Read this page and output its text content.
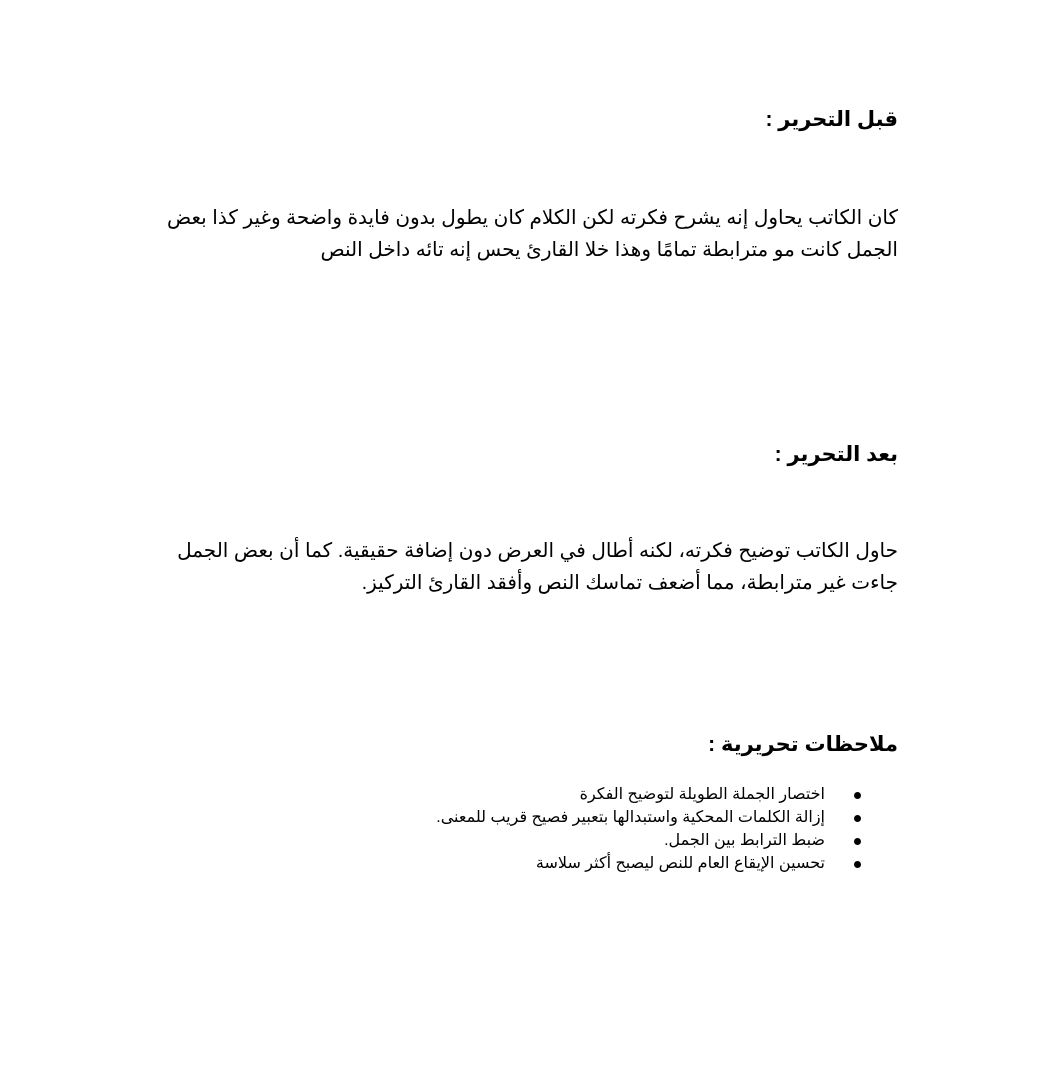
قبل التحرير :
كان الكاتب يحاول إنه يشرح فكرته لكن الكلام كان يطول بدون فايدة واضحة وغير كذا بعض الجمل كانت مو مترابطة تمامًا وهذا خلا القارئ يحس إنه تائه داخل النص
بعد التحرير :
حاول الكاتب توضيح فكرته، لكنه أطال في العرض دون إضافة حقيقية. كما أن بعض الجمل جاءت غير مترابطة، مما أضعف تماسك النص وأفقد القارئ التركيز.
ملاحظات تحريرية :
اختصار الجملة الطويلة لتوضيح الفكرة
إزالة الكلمات المحكية واستبدالها بتعبير فصيح قريب للمعنى.
ضبط الترابط بين الجمل.
تحسين الإيقاع العام للنص ليصبح أكثر سلاسة
